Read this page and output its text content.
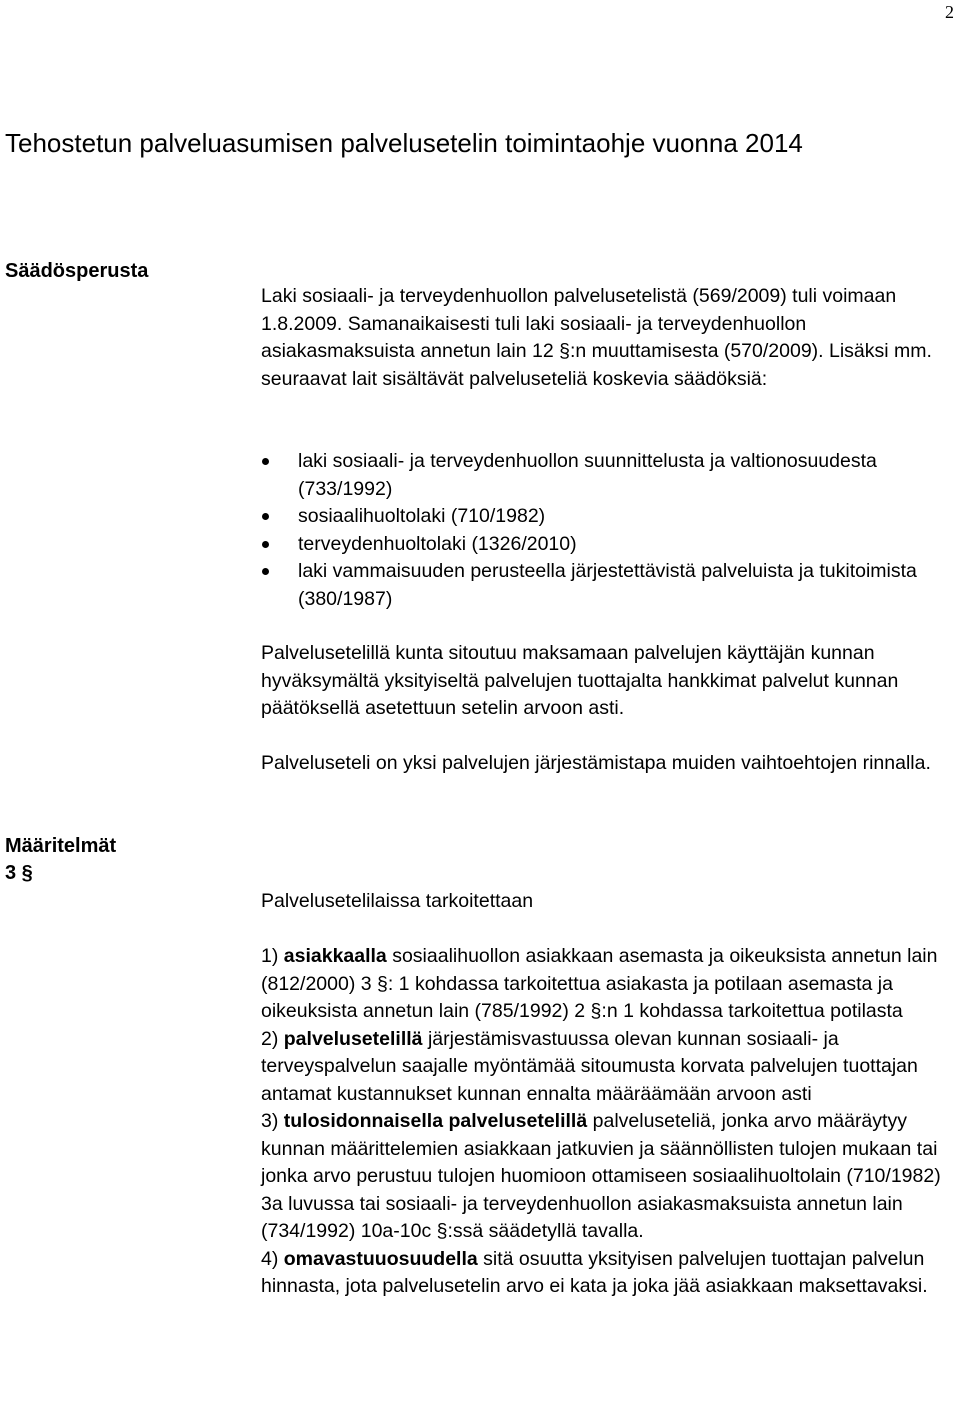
2
Tehostetun palveluasumisen palvelusetelin toimintaohje vuonna 2014
Säädösperusta
Laki sosiaali- ja terveydenhuollon palvelusetelistä (569/2009) tuli voimaan 1.8.2009. Samanaikaisesti tuli laki sosiaali- ja terveydenhuollon asiakasmaksuista annetun lain 12 §:n muuttamisesta (570/2009). Lisäksi mm. seuraavat lait sisältävät palveluseteliä koskevia säädöksiä:
laki sosiaali- ja terveydenhuollon suunnittelusta ja valtionosuudesta (733/1992)
sosiaalihuoltolaki (710/1982)
terveydenhuoltolaki (1326/2010)
laki vammaisuuden perusteella järjestettävistä palveluista ja tukitoimista (380/1987)
Palvelusetelillä kunta sitoutuu maksamaan palvelujen käyttäjän kunnan hyväksymältä yksityiseltä palvelujen tuottajalta hankkimat palvelut kunnan päätöksellä asetettuun setelin arvoon asti.
Palveluseteli on yksi palvelujen järjestämistapa muiden vaihtoehtojen rinnalla.
Määritelmät
3 §
Palvelusetelilaissa tarkoitettaan

1) asiakkaalla sosiaalihuollon asiakkaan asemasta ja oikeuksista annetun lain (812/2000) 3 §: 1 kohdassa tarkoitettua asiakasta ja potilaan asemasta ja oikeuksista annetun lain (785/1992) 2 §:n 1 kohdassa tarkoitettua potilasta

2) palvelusetelillä järjestämisvastuussa olevan kunnan sosiaali- ja terveyspalvelun saajalle myöntämää sitoumusta korvata palvelujen tuottajan antamat kustannukset kunnan ennalta määräämään arvoon asti

3) tulosidonnaisella palvelusetelillä palveluseteliä, jonka arvo määräytyy kunnan määrittelemien asiakkaan jatkuvien ja säännöllisten tulojen mukaan tai jonka arvo perustuu tulojen huomioon ottamiseen sosiaalihuoltolain (710/1982) 3a luvussa tai sosiaali- ja terveydenhuollon asiakasmaksuista annetun lain (734/1992) 10a-10c §:ssä säädetyllä tavalla.

4) omavastuuosuudella sitä osuutta yksityisen palvelujen tuottajan palvelun hinnasta, jota palvelusetelin arvo ei kata ja joka jää asiakkaan maksettavaksi.
